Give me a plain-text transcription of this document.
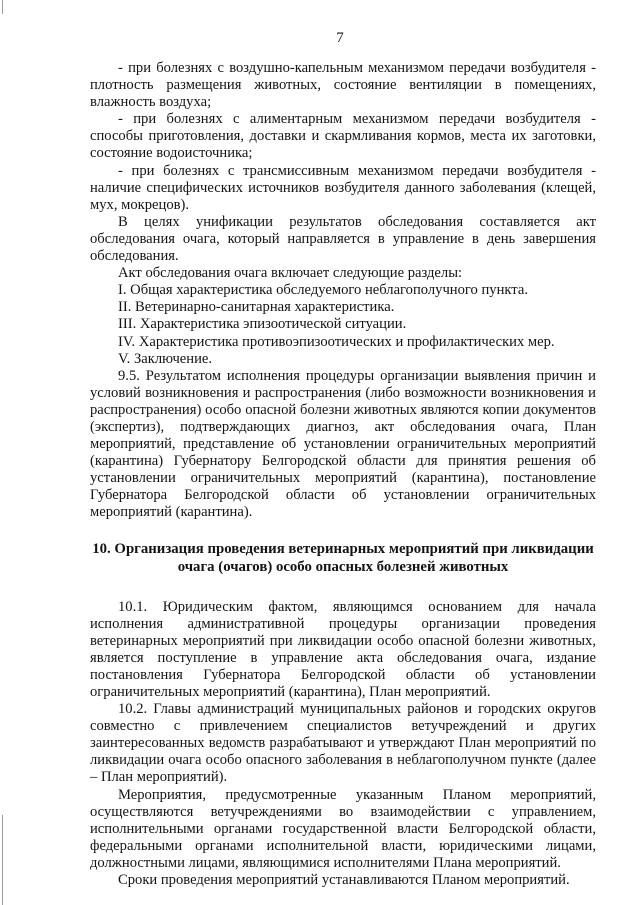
7

- при болезнях с воздушно-капельным механизмом передачи возбудителя - плотность размещения животных, состояние вентиляции в помещениях, влажность воздуха;

- при болезнях с алиментарным механизмом передачи возбудителя - способы приготовления, доставки и скармливания кормов, места их заготовки, состояние водоисточника;

- при болезнях с трансмиссивным механизмом передачи возбудителя - наличие специфических источников возбудителя данного заболевания (клещей, мух, мокрецов).

В целях унификации результатов обследования составляется акт обследования очага, который направляется в управление в день завершения обследования.

Акт обследования очага включает следующие разделы:

I. Общая характеристика обследуемого неблагополучного пункта.

II. Ветеринарно-санитарная характеристика.

III. Характеристика эпизоотической ситуации.

IV. Характеристика противоэпизоотических и профилактических мер.

V. Заключение.

9.5. Результатом исполнения процедуры организации выявления причин и условий возникновения и распространения (либо возможности возникновения и распространения) особо опасной болезни животных являются копии документов (экспертиз), подтверждающих диагноз, акт обследования очага, План мероприятий, представление об установлении ограничительных мероприятий (карантина) Губернатору Белгородской области для принятия решения об установлении ограничительных мероприятий (карантина), постановление Губернатора Белгородской области об установлении ограничительных мероприятий (карантина).

10. Организация проведения ветеринарных мероприятий при ликвидации
очага (очагов) особо опасных болезней животных

10.1. Юридическим фактом, являющимся основанием для начала исполнения административной процедуры организации проведения ветеринарных мероприятий при ликвидации особо опасной болезни животных, является поступление в управление акта обследования очага, издание постановления Губернатора Белгородской области об установлении ограничительных мероприятий (карантина), План мероприятий.

10.2. Главы администраций муниципальных районов и городских округов совместно с привлечением специалистов ветучреждений и других заинтересованных ведомств разрабатывают и утверждают План мероприятий по ликвидации очага особо опасного заболевания в неблагополучном пункте (далее – План мероприятий).

Мероприятия, предусмотренные указанным Планом мероприятий, осуществляются ветучреждениями во взаимодействии с управлением, исполнительными органами государственной власти Белгородской области, федеральными органами исполнительной власти, юридическими лицами, должностными лицами, являющимися исполнителями Плана мероприятий.

Сроки проведения мероприятий устанавливаются Планом мероприятий.
